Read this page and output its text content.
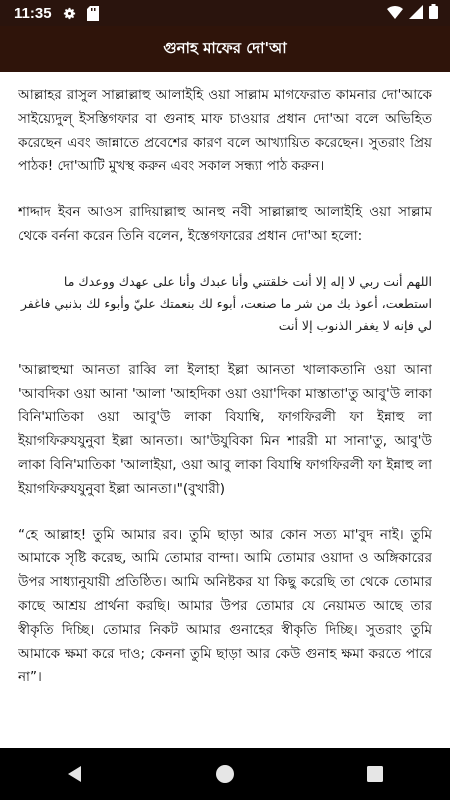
11:35
গুনাহ মাফের দো'আ

আল্লাহর রাসুল সাল্লাল্লাহু আলাইহি ওয়া সাল্লাম মাগফেরাত কামনার দো'আকে সাইয়্যেদুল্ ইসস্তিগফার বা গুনাহ মাফ চাওয়ার প্রধান দো'আ বলে অভিহিত করেছেন এবং জান্নাতে প্রবেশের কারণ বলে আখ্যায়িত করেছেন। সুতরাং প্রিয় পাঠক! দো'আটি মুখস্থ করুন এবং সকাল সন্ধ্যা পাঠ করুন।

শাদ্দাদ ইবন আওস রাদিয়াল্লাহু আনহু নবী সাল্লাল্লাহু আলাইহি ওয়া সাল্লাম থেকে বর্ননা করেন তিনি বলেন, ইস্তেগফারের প্রধান দো'আ হলো:

اللهم أنت ربي لا إله إلا أنت خلقتني وأنا عبدك وأنا على عهدك ووعدك ما استطعت، أعوذ بك من شر ما صنعت، أبوء لك بنعمتك عليّ وأبوء لك بذنبي فاغفر لي فإنه لا يغفر الذنوب إلا أنت

'আল্লাহুম্মা আনতা রাব্বি লা ইলাহা ইল্লা আনতা খালাকতানি ওয়া আনা 'আবদিকা ওয়া আনা 'আলা 'আহদিকা ওয়া ওয়া'দিকা মাস্তাতা'তু আবু'উ লাকা বিনি'মাতিকা ওয়া আবু'উ লাকা বিযাম্বি, ফাগফিরলী ফা ইন্নাহু লা ইয়াগফিরুযযুনুবা ইল্লা আনতা। আ'উযুবিকা মিন শাররী মা সানা'তু, আবু'উ লাকা বিনি'মাতিকা 'আলাইয়া, ওয়া আবু লাকা বিযাম্বি ফাগফিরলী ফা ইন্নাহু লা ইয়াগফিরুযযুনুবা ইল্লা আনতা।"(বুখারী)

“হে আল্লাহ! তুমি আমার রব। তুমি ছাড়া আর কোন সত্য মা'বুদ নাই। তুমি আমাকে সৃষ্টি করেছ, আমি তোমার বান্দা। আমি তোমার ওয়াদা ও অঙ্গিকারের উপর সাধ্যানুযায়ী প্রতিষ্ঠিত। আমি অনিষ্টকর যা কিছু করেছি তা থেকে তোমার কাছে আশ্রয় প্রার্থনা করছি। আমার উপর তোমার যে নেয়ামত আছে তার স্বীকৃতি দিচ্ছি। তোমার নিকট আমার গুনাহের স্বীকৃতি দিচ্ছি। সুতরাং তুমি আমাকে ক্ষমা করে দাও; কেননা তুমি ছাড়া আর কেউ গুনাহ ক্ষমা করতে পারে না”।
